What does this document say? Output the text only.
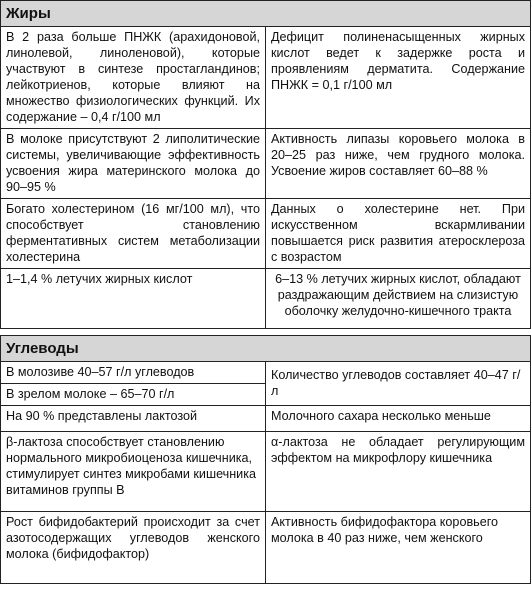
Жиры	
В 2 раза больше ПНЖК (арахидоновой, линолевой, линоленовой), которые участвуют в синтезе простагландинов; лейкотриенов, которые влияют на множество физиологических функций. Их содержание – 0,4 г/100 мл	Дефицит полиненасыщенных жирных кислот ведет к задержке роста и проявлениям дерматита. Содержание ПНЖК = 0,1 г/100 мл
В молоке присутствуют 2 липолитические системы, увеличивающие эффективность усвоения жира материнского молока до 90–95 %	Активность липазы коровьего молока в 20–25 раз ниже, чем грудного молока. Усвоение жиров составляет 60–88 %
Богато холестерином (16 мг/100 мл), что способствует становлению ферментативных систем метаболизации холестерина	Данных о холестерине нет. При искусственном вскармливании повышается риск развития атеросклероза с возрастом
1–1,4 % летучих жирных кислот	6–13 % летучих жирных кислот, обладают раздражающим действием на слизистую оболочку желудочно-кишечного тракта

Углеводы	
В молозиве 40–57 г/л углеводов	Количество углеводов составляет 40–47 г/л
В зрелом молоке – 65–70 г/л	
На 90 % представлены лактозой	Молочного сахара несколько меньше
β-лактоза способствует становлению нормального микробиоценоза кишечника, стимулирует синтез микробами кишечника витаминов группы В	α-лактоза не обладает регулирующим эффектом на микрофлору кишечника
Рост бифидобактерий происходит за счет азотосодержащих углеводов женского молока (бифидофактор)	Активность бифидофактора коровьего молока в 40 раз ниже, чем женского
